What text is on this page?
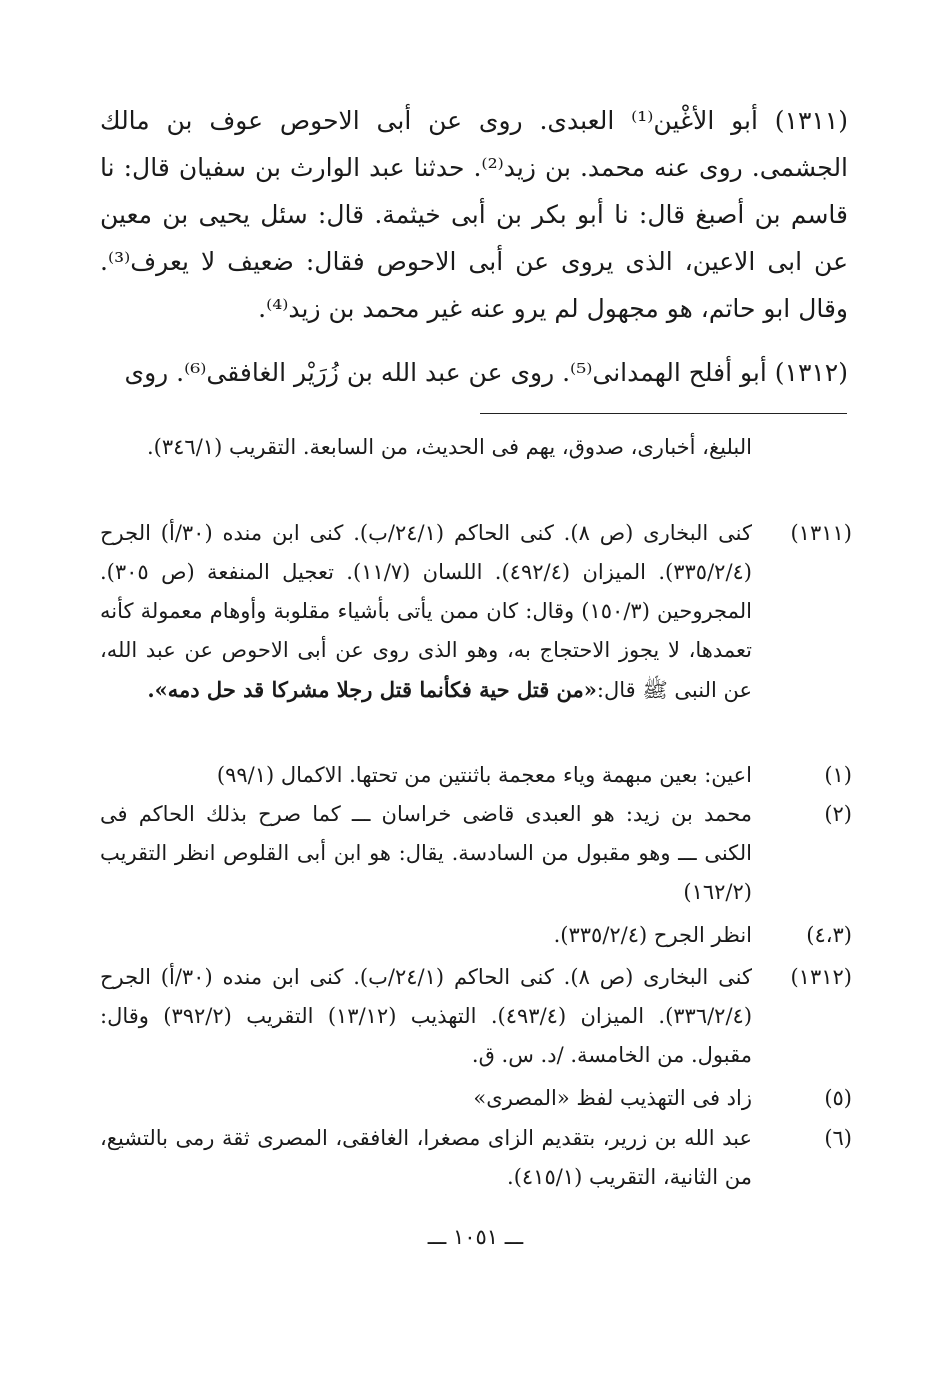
(١٣١١) أبو الأغْين⁽¹⁾ العبدى. روى عن أبى الاحوص عوف بن مالك الجشمى. روى عنه محمد. بن زيد⁽²⁾. حدثنا عبد الوارث بن سفيان قال: نا قاسم بن أصبغ قال: نا أبو بكر بن أبى خيثمة. قال: سئل يحيى بن معين عن ابى الاعين، الذى يروى عن أبى الاحوص فقال: ضعيف لا يعرف⁽³⁾. وقال ابو حاتم، هو مجهول لم يرو عنه غير محمد بن زيد⁽⁴⁾.

(١٣١٢) أبو أفلح الهمدانى⁽⁵⁾. روى عن عبد الله بن زُرَيْر الغافقى⁽⁶⁾. روى

البليغ، أخبارى، صدوق، يهم فى الحديث، من السابعة. التقريب (٣٤٦/١).
(١٣١١)
كنى البخارى (ص ٨). كنى الحاكم (٢٤/١/ب). كنى ابن منده (٣٠/أ) الجرح (٣٣٥/٢/٤). الميزان (٤٩٢/٤). اللسان (١١/٧). تعجيل المنفعة (ص ٣٠٥). المجروحين (١٥٠/٣) وقال: كان ممن يأتى بأشياء مقلوبة وأوهام معمولة كأنه تعمدها، لا يجوز الاحتجاج به، وهو الذى روى عن أبى الاحوص عن عبد الله، عن النبى ﷺ قال:«من قتل حية فكأنما قتل رجلا مشركا قد حل دمه».
(١)
اعين: بعين مبهمة وياء معجمة باثنتين من تحتها. الاكمال (٩٩/١)
(٢)
محمد بن زيد: هو العبدى قاضى خراسان ـــ كما صرح بذلك الحاكم فى الكنى ـــ وهو مقبول من السادسة. يقال: هو ابن أبى القلوص انظر التقريب (١٦٢/٢)
(٤،٣)
انظر الجرح (٣٣٥/٢/٤).
(١٣١٢)
كنى البخارى (ص ٨). كنى الحاكم (٢٤/١/ب). كنى ابن منده (٣٠/أ) الجرح (٣٣٦/٢/٤). الميزان (٤٩٣/٤). التهذيب (١٣/١٢) التقريب (٣٩٢/٢) وقال: مقبول. من الخامسة. /د. س. ق.
(٥)
زاد فى التهذيب لفظ «المصرى»
(٦)
عبد الله بن زرير، بتقديم الزاى مصغرا، الغافقى، المصرى ثقة رمى بالتشيع، من الثانية، التقريب (٤١٥/١).
ـــ ١٠٥١ ـــ
